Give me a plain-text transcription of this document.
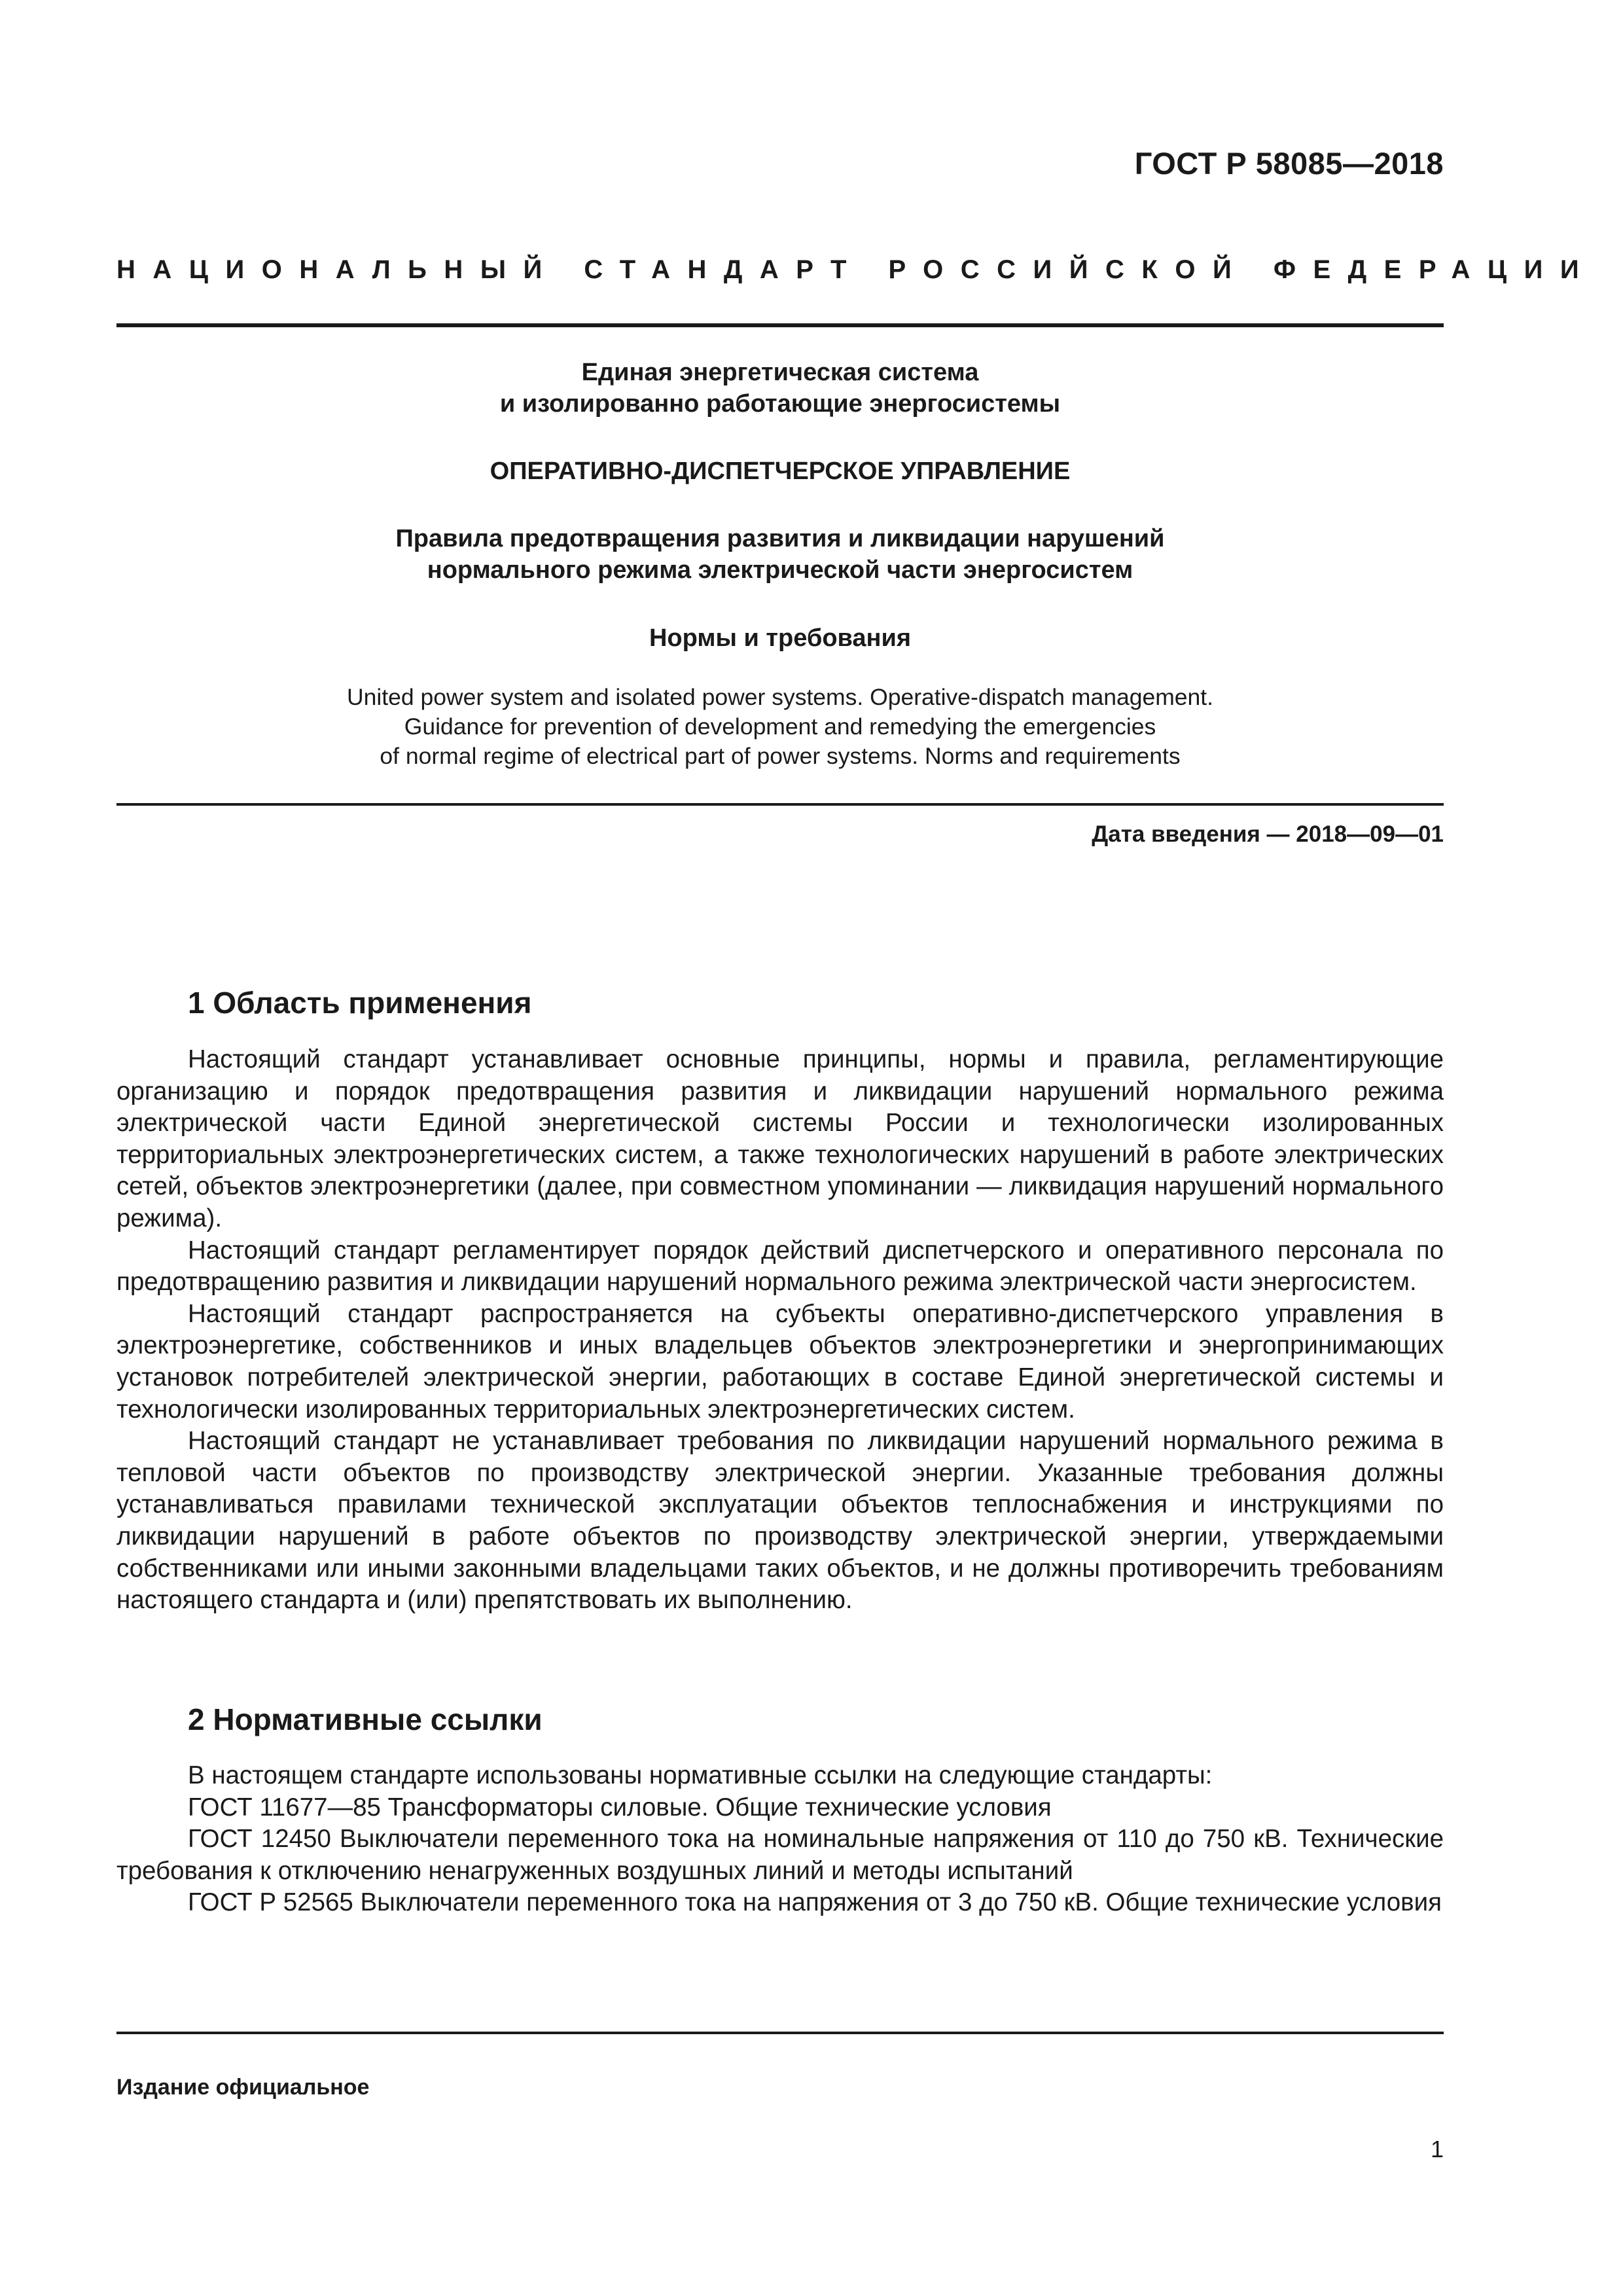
ГОСТ Р 58085—2018
НАЦИОНАЛЬНЫЙ СТАНДАРТ РОССИЙСКОЙ ФЕДЕРАЦИИ
Единая энергетическая система
и изолированно работающие энергосистемы
ОПЕРАТИВНО-ДИСПЕТЧЕРСКОЕ УПРАВЛЕНИЕ
Правила предотвращения развития и ликвидации нарушений
нормального режима электрической части энергосистем
Нормы и требования
United power system and isolated power systems. Operative-dispatch management.
Guidance for prevention of development and remedying the emergencies
of normal regime of electrical part of power systems. Norms and requirements
Дата введения — 2018—09—01
1 Область применения

Настоящий стандарт устанавливает основные принципы, нормы и правила, регламентирующие организацию и порядок предотвращения развития и ликвидации нарушений нормального режима электрической части Единой энергетической системы России и технологически изолированных территориальных электроэнергетических систем, а также технологических нарушений в работе электрических сетей, объектов электроэнергетики (далее, при совместном упоминании — ликвидация нарушений нормального режима).

Настоящий стандарт регламентирует порядок действий диспетчерского и оперативного персонала по предотвращению развития и ликвидации нарушений нормального режима электрической части энергосистем.

Настоящий стандарт распространяется на субъекты оперативно-диспетчерского управления в электроэнергетике, собственников и иных владельцев объектов электроэнергетики и энергопринимающих установок потребителей электрической энергии, работающих в составе Единой энергетической системы и технологически изолированных территориальных электроэнергетических систем.

Настоящий стандарт не устанавливает требования по ликвидации нарушений нормального режима в тепловой части объектов по производству электрической энергии. Указанные требования должны устанавливаться правилами технической эксплуатации объектов теплоснабжения и инструкциями по ликвидации нарушений в работе объектов по производству электрической энергии, утверждаемыми собственниками или иными законными владельцами таких объектов, и не должны противоречить требованиям настоящего стандарта и (или) препятствовать их выполнению.

2 Нормативные ссылки

В настоящем стандарте использованы нормативные ссылки на следующие стандарты:

ГОСТ 11677—85 Трансформаторы силовые. Общие технические условия

ГОСТ 12450 Выключатели переменного тока на номинальные напряжения от 110 до 750 кВ. Технические требования к отключению ненагруженных воздушных линий и методы испытаний

ГОСТ Р 52565 Выключатели переменного тока на напряжения от 3 до 750 кВ. Общие технические условия

Издание официальное
1
